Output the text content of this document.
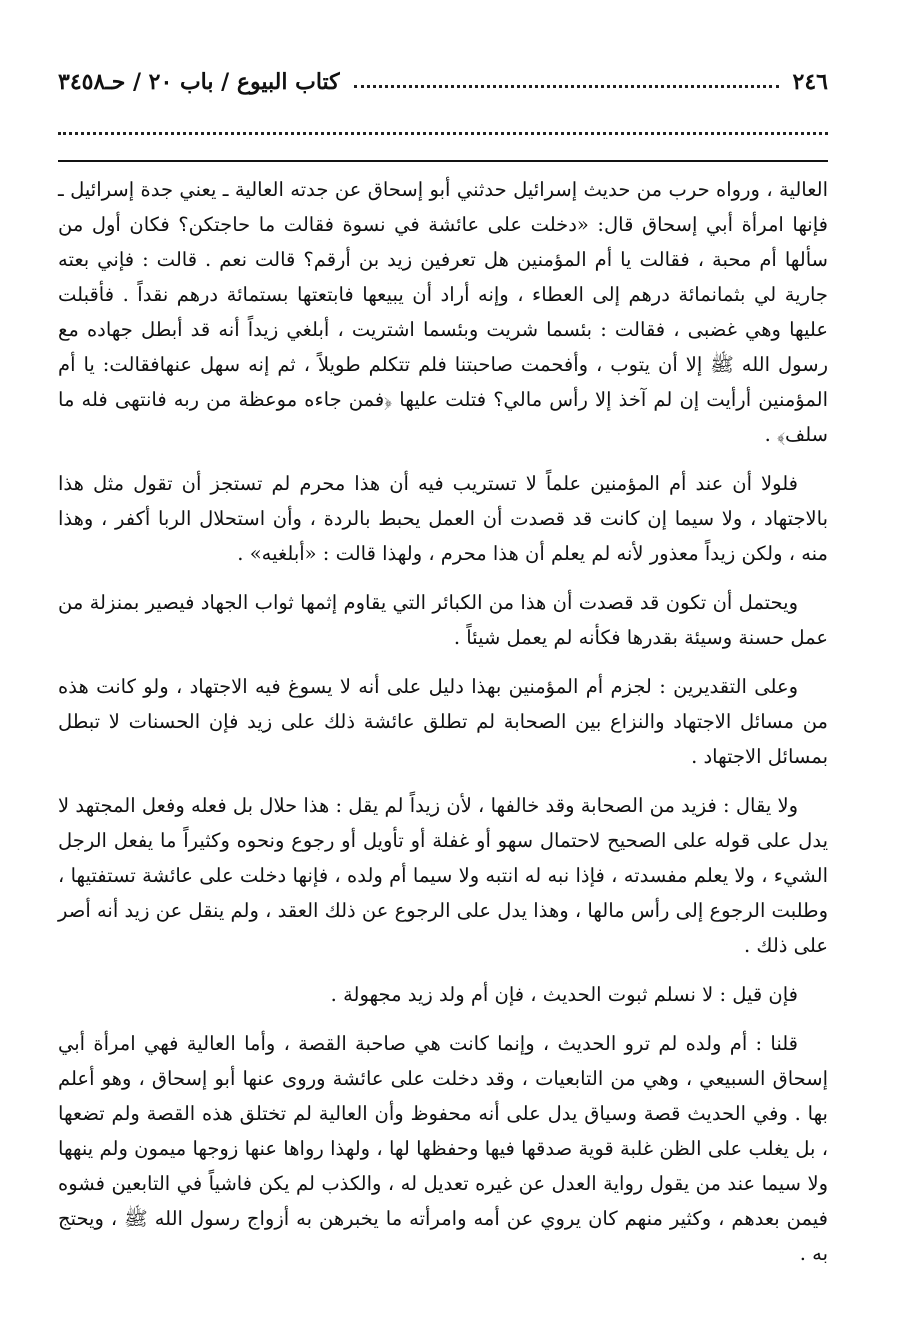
٢٤٦
كتاب البيوع / باب ٢٠ / حـ٣٤٥٨

العالية ، ورواه حرب من حديث إسرائيل حدثني أبو إسحاق عن جدته العالية ـ يعني جدة إسرائيل ـ فإنها امرأة أبي إسحاق قال: «دخلت على عائشة في نسوة فقالت ما حاجتكن؟ فكان أول من سألها أم محبة ، فقالت يا أم المؤمنين هل تعرفين زيد بن أرقم؟ قالت نعم . قالت : فإني بعته جارية لي بثمانمائة درهم إلى العطاء ، وإنه أراد أن يبيعها فابتعتها بستمائة درهم نقداً . فأقبلت عليها وهي غضبى ، فقالت : بئسما شريت وبئسما اشتريت ، أبلغي زيداً أنه قد أبطل جهاده مع رسول الله ﷺ إلا أن يتوب ، وأفحمت صاحبتنا فلم تتكلم طويلاً ، ثم إنه سهل عنهافقالت: يا أم المؤمنين أرأيت إن لم آخذ إلا رأس مالي؟ فتلت عليها ﴿فمن جاءه موعظة من ربه فانتهى فله ما سلف﴾ .

فلولا أن عند أم المؤمنين علماً لا تستريب فيه أن هذا محرم لم تستجز أن تقول مثل هذا بالاجتهاد ، ولا سيما إن كانت قد قصدت أن العمل يحبط بالردة ، وأن استحلال الربا أكفر ، وهذا منه ، ولكن زيداً معذور لأنه لم يعلم أن هذا محرم ، ولهذا قالت : «أبلغيه» .

ويحتمل أن تكون قد قصدت أن هذا من الكبائر التي يقاوم إثمها ثواب الجهاد فيصير بمنزلة من عمل حسنة وسيئة بقدرها فكأنه لم يعمل شيئاً .

وعلى التقديرين : لجزم أم المؤمنين بهذا دليل على أنه لا يسوغ فيه الاجتهاد ، ولو كانت هذه من مسائل الاجتهاد والنزاع بين الصحابة لم تطلق عائشة ذلك على زيد فإن الحسنات لا تبطل بمسائل الاجتهاد .

ولا يقال : فزيد من الصحابة وقد خالفها ، لأن زيداً لم يقل : هذا حلال بل فعله وفعل المجتهد لا يدل على قوله على الصحيح لاحتمال سهو أو غفلة أو تأويل أو رجوع ونحوه وكثيراً ما يفعل الرجل الشيء ، ولا يعلم مفسدته ، فإذا نبه له انتبه ولا سيما أم ولده ، فإنها دخلت على عائشة تستفتيها ، وطلبت الرجوع إلى رأس مالها ، وهذا يدل على الرجوع عن ذلك العقد ، ولم ينقل عن زيد أنه أصر على ذلك .

فإن قيل : لا نسلم ثبوت الحديث ، فإن أم ولد زيد مجهولة .

قلنا : أم ولده لم ترو الحديث ، وإنما كانت هي صاحبة القصة ، وأما العالية فهي امرأة أبي إسحاق السبيعي ، وهي من التابعيات ، وقد دخلت على عائشة وروى عنها أبو إسحاق ، وهو أعلم بها . وفي الحديث قصة وسياق يدل على أنه محفوظ وأن العالية لم تختلق هذه القصة ولم تضعها ، بل يغلب على الظن غلبة قوية صدقها فيها وحفظها لها ، ولهذا رواها عنها زوجها ميمون ولم ينهها ولا سيما عند من يقول رواية العدل عن غيره تعديل له ، والكذب لم يكن فاشياً في التابعين فشوه فيمن بعدهم ، وكثير منهم كان يروي عن أمه وامرأته ما يخبرهن به أزواج رسول الله ﷺ ، ويحتج به .
